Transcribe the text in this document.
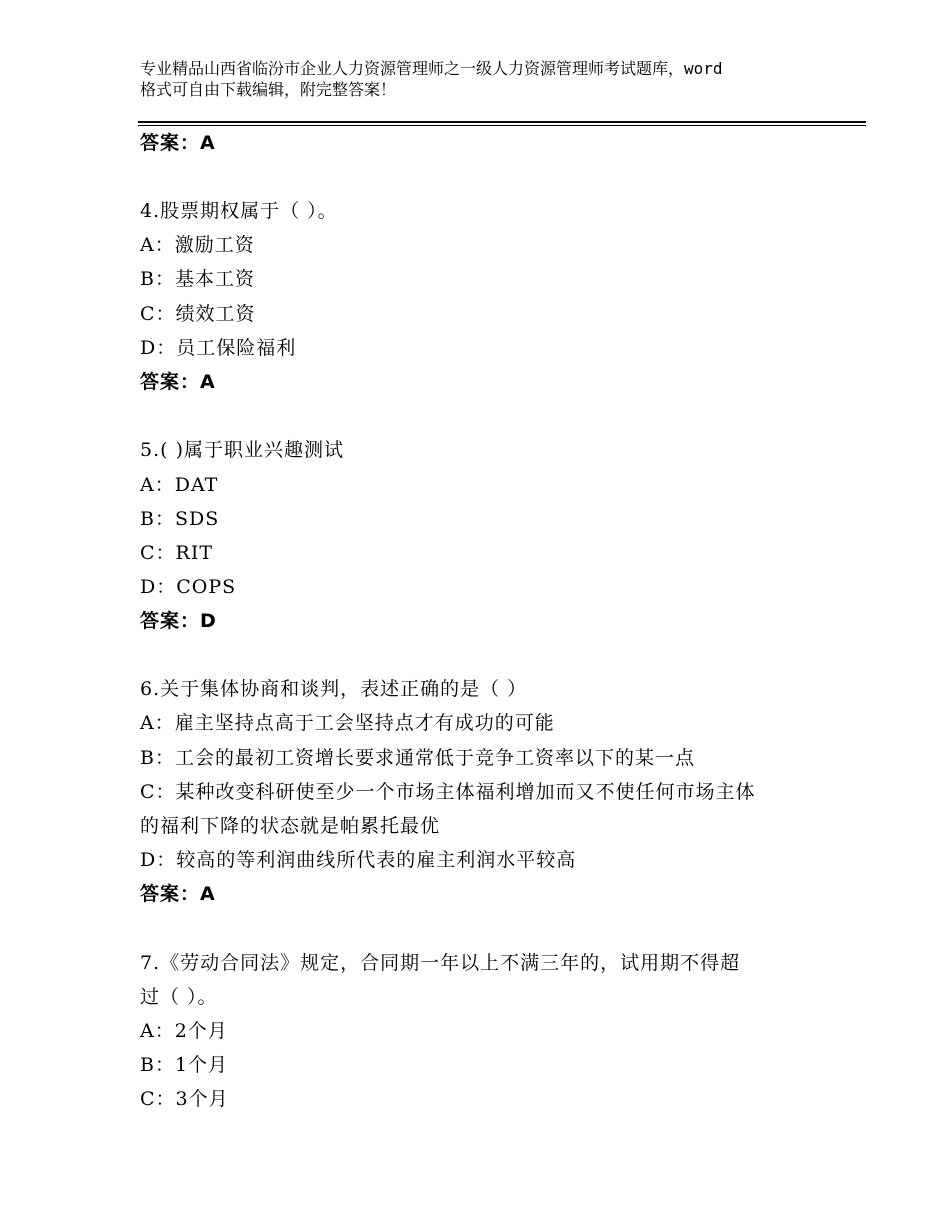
专业精品山西省临汾市企业人力资源管理师之一级人力资源管理师考试题库，word
格式可自由下载编辑，附完整答案！
答案：A
4.股票期权属于（ ）。
A：激励工资
B：基本工资
C：绩效工资
D：员工保险福利
答案：A
5.( )属于职业兴趣测试
A：DAT
B：SDS
C：RIT
D：COPS
答案：D
6.关于集体协商和谈判，表述正确的是（ ）
A：雇主坚持点高于工会坚持点才有成功的可能
B：工会的最初工资增长要求通常低于竞争工资率以下的某一点
C：某种改变科研使至少一个市场主体福利增加而又不使任何市场主体
的福利下降的状态就是帕累托最优
D：较高的等利润曲线所代表的雇主利润水平较高
答案：A
7.《劳动合同法》规定，合同期一年以上不满三年的，试用期不得超
过（ ）。
A：2个月
B：1个月
C：3个月
